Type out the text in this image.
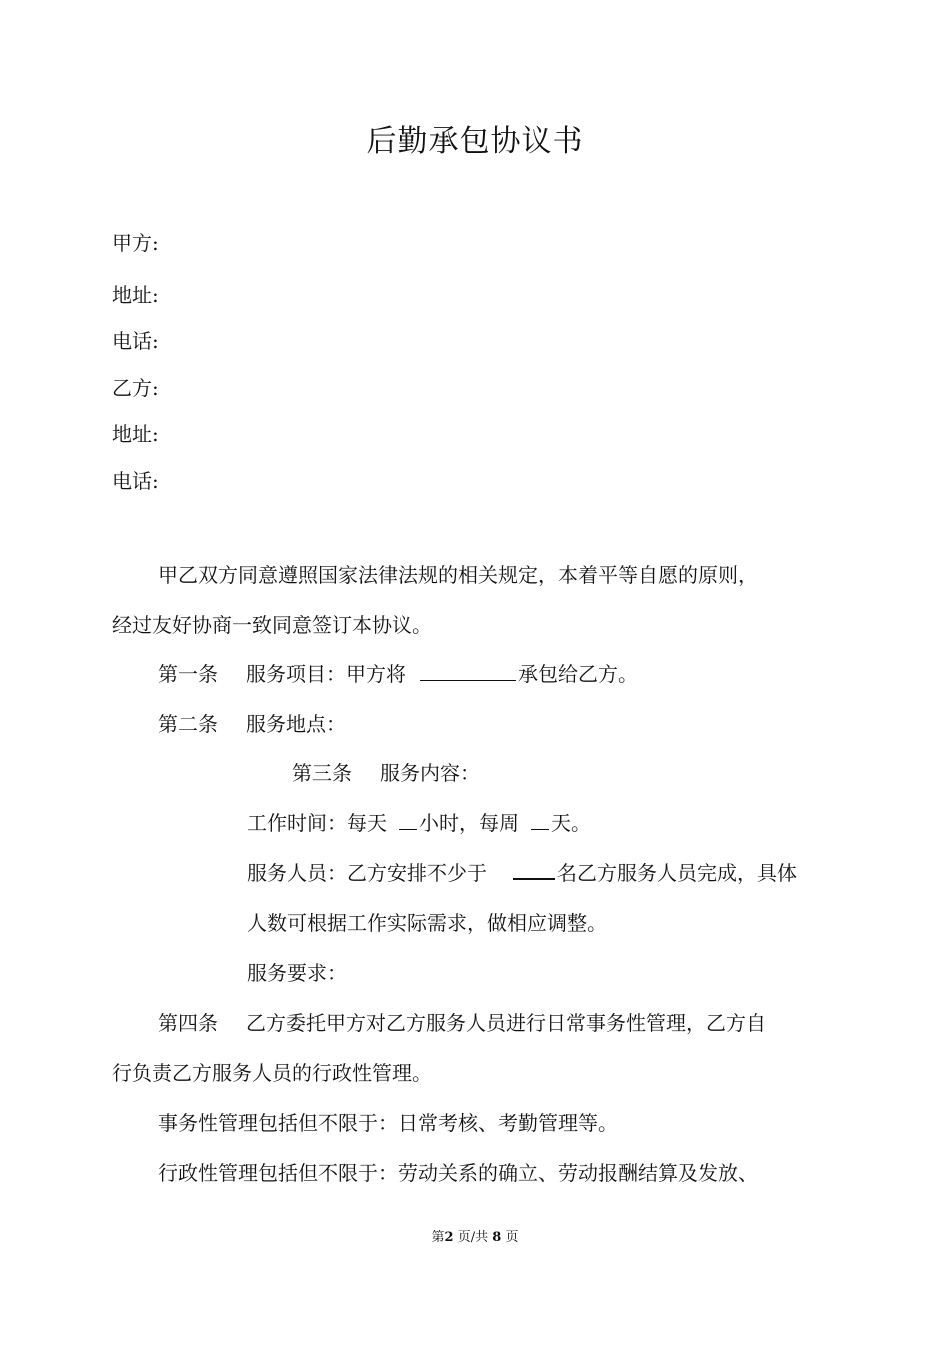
后勤承包协议书
甲方:
地址:
电话:
乙方:
地址:
电话:
甲乙双方同意遵照国家法律法规的相关规定，本着平等自愿的原则，
经过友好协商一致同意签订本协议。
第一条 服务项目：甲方将	承包给乙方。
第二条 服务地点：
第三条 服务内容：
工作时间：每天 小时，每周 天。
服务人员：乙方安排不少于	名乙方服务人员完成，具体
人数可根据工作实际需求，做相应调整。
服务要求：
第四条 乙方委托甲方对乙方服务人员进行日常事务性管理，乙方自
行负责乙方服务人员的行政性管理。
事务性管理包括但不限于：日常考核、考勤管理等。
行政性管理包括但不限于：劳动关系的确立、劳动报酬结算及发放、
第2 页/共 8 页
